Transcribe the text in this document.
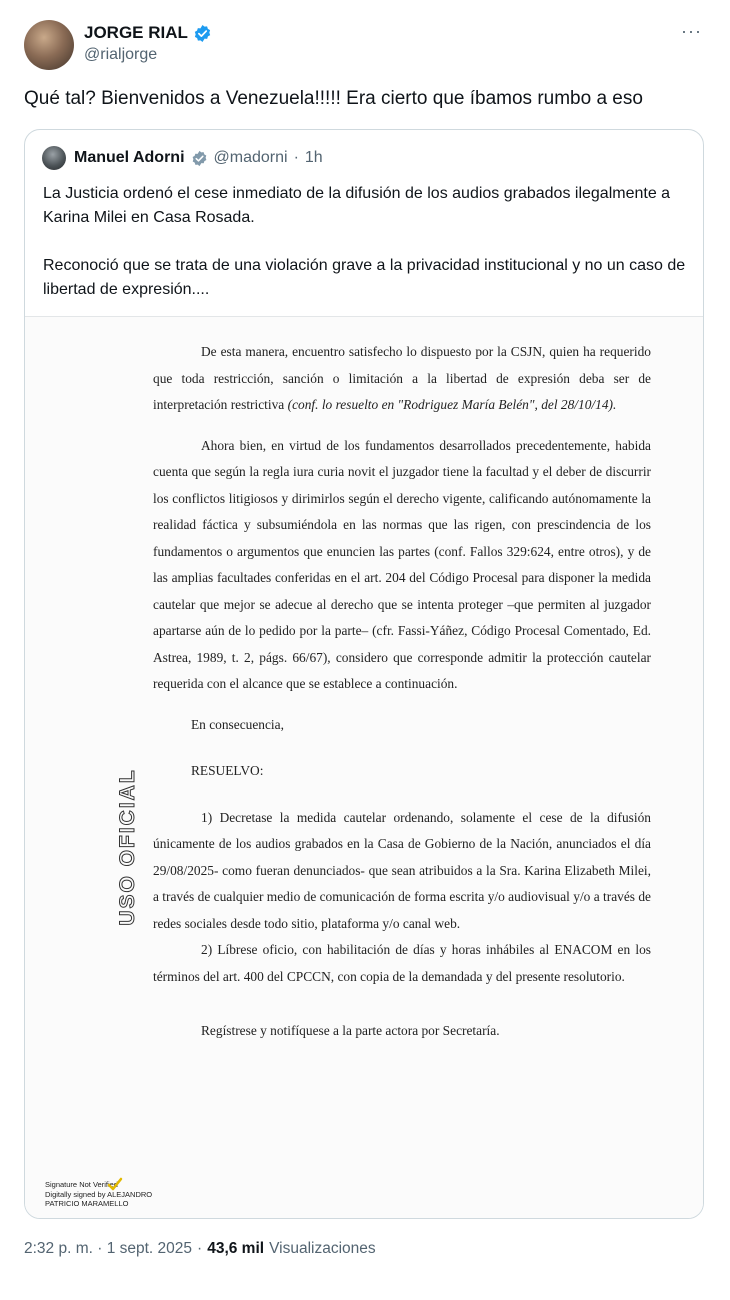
JORGE RIAL
@rialjorge
···
Qué tal? Bienvenidos a Venezuela!!!!! Era cierto que íbamos rumbo a eso
Manuel Adorni @madorni · 1h

La Justicia ordenó el cese inmediato de la difusión de los audios grabados ilegalmente a Karina Milei en Casa Rosada.

Reconoció que se trata de una violación grave a la privacidad institucional y no un caso de libertad de expresión....

USO OFICIAL

De esta manera, encuentro satisfecho lo dispuesto por la CSJN, quien ha requerido que toda restricción, sanción o limitación a la libertad de expresión deba ser de interpretación restrictiva (conf. lo resuelto en "Rodriguez María Belén", del 28/10/14).

Ahora bien, en virtud de los fundamentos desarrollados precedentemente, habida cuenta que según la regla iura curia novit el juzgador tiene la facultad y el deber de discurrir los conflictos litigiosos y dirimirlos según el derecho vigente, calificando autónomamente la realidad fáctica y subsumiéndola en las normas que las rigen, con prescindencia de los fundamentos o argumentos que enuncien las partes (conf. Fallos 329:624, entre otros), y de las amplias facultades conferidas en el art. 204 del Código Procesal para disponer la medida cautelar que mejor se adecue al derecho que se intenta proteger –que permiten al juzgador apartarse aún de lo pedido por la parte– (cfr. Fassi-Yáñez, Código Procesal Comentado, Ed. Astrea, 1989, t. 2, págs. 66/67), considero que corresponde admitir la protección cautelar requerida con el alcance que se establece a continuación.

En consecuencia,

RESUELVO:

1) Decretase la medida cautelar ordenando, solamente el cese de la difusión únicamente de los audios grabados en la Casa de Gobierno de la Nación, anunciados el día 29/08/2025- como fueran denunciados- que sean atribuidos a la Sra. Karina Elizabeth Milei, a través de cualquier medio de comunicación de forma escrita y/o audiovisual y/o a través de redes sociales desde todo sitio, plataforma y/o canal web.

2) Líbrese oficio, con habilitación de días y horas inhábiles al ENACOM en los términos del art. 400 del CPCCN, con copia de la demandada y del presente resolutorio.

Regístrese y notifíquese a la parte actora por Secretaría.

Signature Not Verified
Digitally signed by ALEJANDRO
PATRICIO MARAMELLO
2:32 p. m. · 1 sept. 2025 · 43,6 mil Visualizaciones
